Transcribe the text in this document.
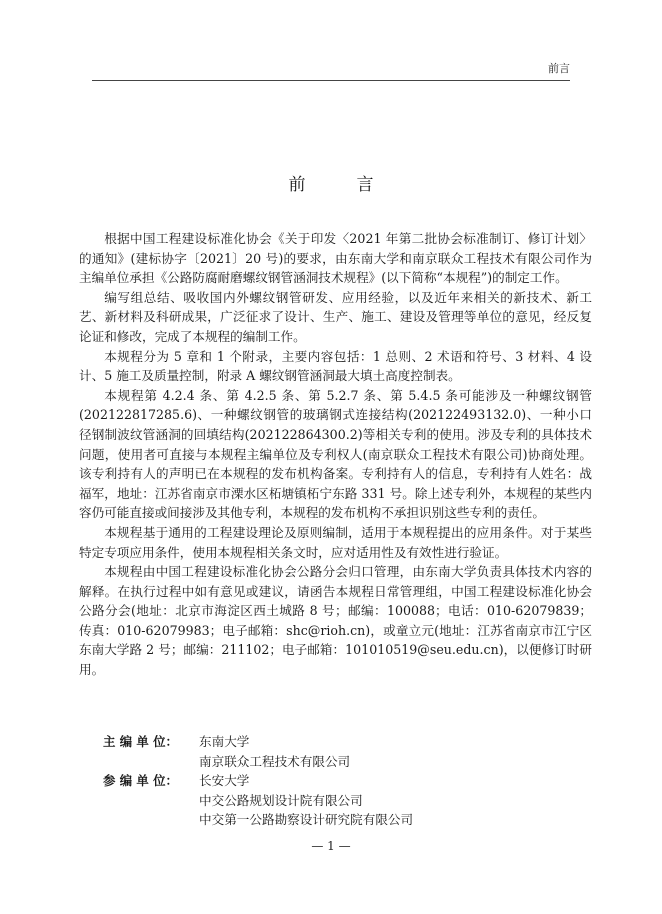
前言
前言

根据中国工程建设标准化协会《关于印发〈2021 年第二批协会标准制订、修订计划〉的通知》(建标协字〔2021〕20 号)的要求，由东南大学和南京联众工程技术有限公司作为主编单位承担《公路防腐耐磨螺纹钢管涵洞技术规程》(以下简称“本规程”)的制定工作。

编写组总结、吸收国内外螺纹钢管研发、应用经验，以及近年来相关的新技术、新工艺、新材料及科研成果，广泛征求了设计、生产、施工、建设及管理等单位的意见，经反复论证和修改，完成了本规程的编制工作。

本规程分为 5 章和 1 个附录，主要内容包括：1 总则、2 术语和符号、3 材料、4 设计、5 施工及质量控制，附录 A 螺纹钢管涵洞最大填土高度控制表。

本规程第 4.2.4 条、第 4.2.5 条、第 5.2.7 条、第 5.4.5 条可能涉及一种螺纹钢管(202122817285.6)、一种螺纹钢管的玻璃钢式连接结构(202122493132.0)、一种小口径钢制波纹管涵洞的回填结构(202122864300.2)等相关专利的使用。涉及专利的具体技术问题，使用者可直接与本规程主编单位及专利权人(南京联众工程技术有限公司)协商处理。该专利持有人的声明已在本规程的发布机构备案。专利持有人的信息，专利持有人姓名：战福军，地址：江苏省南京市溧水区柘塘镇柘宁东路 331 号。除上述专利外，本规程的某些内容仍可能直接或间接涉及其他专利，本规程的发布机构不承担识别这些专利的责任。

本规程基于通用的工程建设理论及原则编制，适用于本规程提出的应用条件。对于某些特定专项应用条件，使用本规程相关条文时，应对适用性及有效性进行验证。

本规程由中国工程建设标准化协会公路分会归口管理，由东南大学负责具体技术内容的解释。在执行过程中如有意见或建议，请函告本规程日常管理组，中国工程建设标准化协会公路分会(地址：北京市海淀区西土城路 8 号；邮编：100088；电话：010-62079839；传真：010-62079983；电子邮箱：shc@rioh.cn)，或童立元(地址：江苏省南京市江宁区东南大学路 2 号；邮编：211102；电子邮箱：101010519@seu.edu.cn)，以便修订时研用。

主 编 单 位：	东南大学
南京联众工程技术有限公司
参 编 单 位：	长安大学
中交公路规划设计院有限公司
中交第一公路勘察设计研究院有限公司
— 1 —
